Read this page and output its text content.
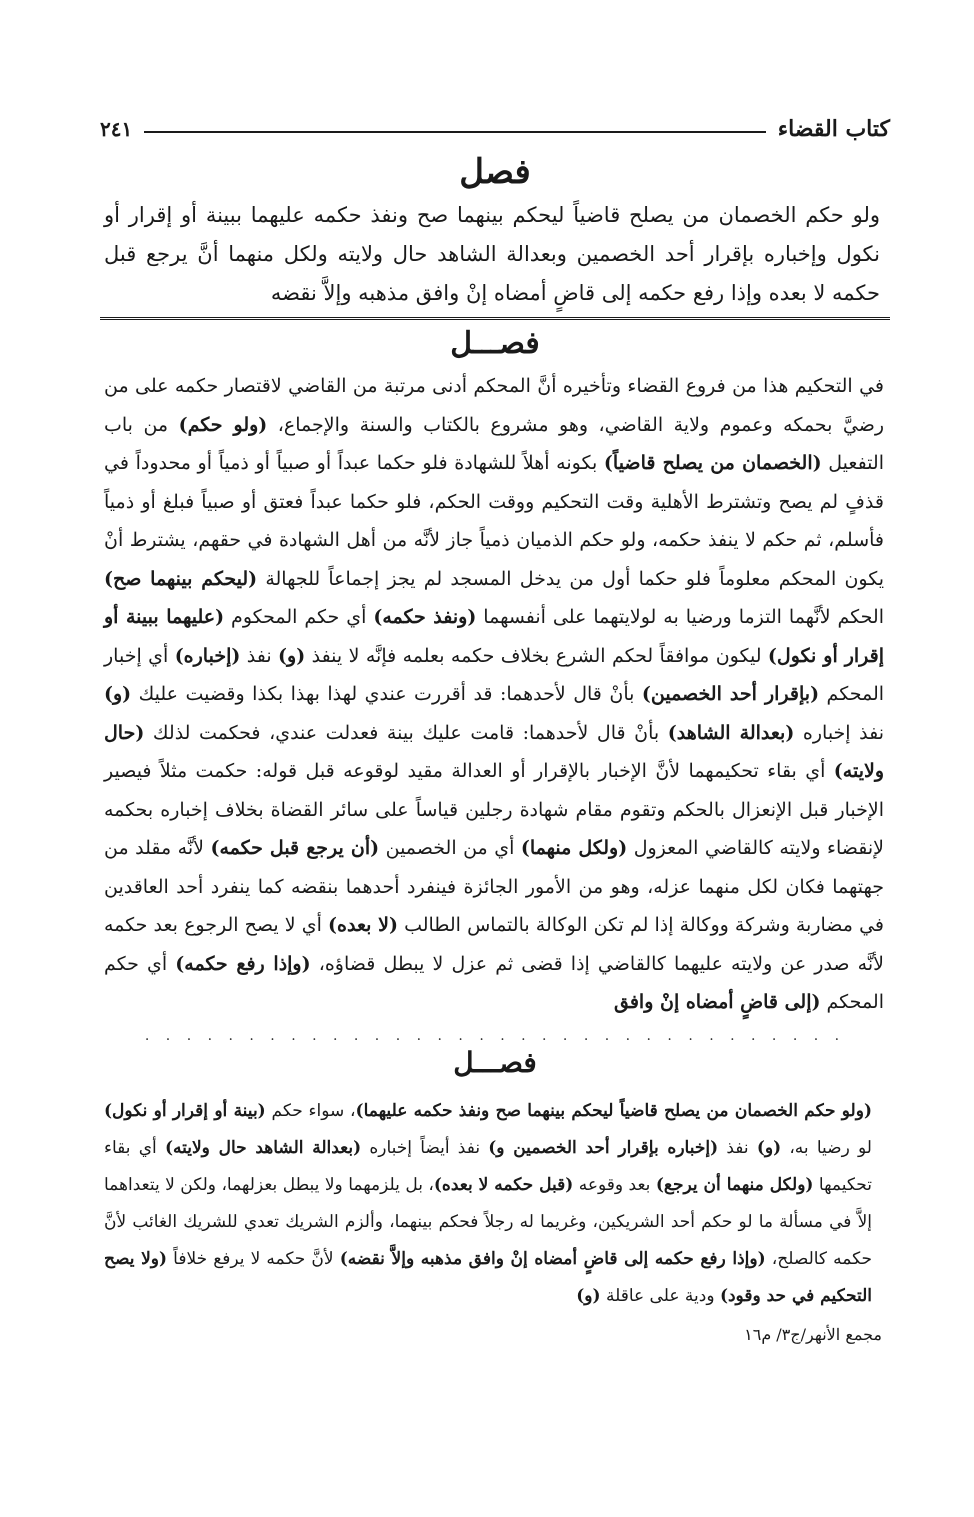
كتاب القضاء
٢٤١
فصل

ولو حكم الخصمان من يصلح قاضياً ليحكم بينهما صح ونفذ حكمه عليهما ببينة أو إقرار أو نكول وإخباره بإقرار أحد الخصمين وبعدالة الشاهد حال ولايته ولكل منهما أنَّ يرجع قبل حكمه لا بعده وإذا رفع حكمه إلى قاضٍ أمضاه إنْ وافق مذهبه وإلاَّ نقضه

فصـــل

في التحكيم هذا من فروع القضاء وتأخيره أنَّ المحكم أدنى مرتبة من القاضي لاقتصار حكمه على من رضيَّ بحمكه وعموم ولاية القاضي، وهو مشروع بالكتاب والسنة والإجماع، (ولو حكم) من باب التفعيل (الخصمان من يصلح قاضياً) بكونه أهلاً للشهادة فلو حكما عبداً أو صبياً أو ذمياً أو محدوداً في قذفٍ لم يصح وتشترط الأهلية وقت التحكيم ووقت الحكم، فلو حكما عبداً فعتق أو صبياً فبلغ أو ذمياً فأسلم، ثم حكم لا ينفذ حكمه، ولو حكم الذميان ذمياً جاز لأنَّه من أهل الشهادة في حقهم، يشترط أنْ يكون المحكم معلوماً فلو حكما أول من يدخل المسجد لم يجز إجماعاً للجهالة (ليحكم بينهما صح) الحكم لأنَّهما التزما ورضيا به لولايتهما على أنفسهما (ونفذ حكمه) أي حكم المحكوم (عليهما ببينة أو إقرار أو نكول) ليكون موافقاً لحكم الشرع بخلاف حكمه بعلمه فإنَّه لا ينفذ (و) نفذ (إخباره) أي إخبار المحكم (بإقرار أحد الخصمين) بأنْ قال لأحدهما: قد أقررت عندي لهذا بهذا بكذا وقضيت عليك (و) نفذ إخباره (بعدالة الشاهد) بأنْ قال لأحدهما: قامت عليك بينة فعدلت عندي، فحكمت لذلك (حال ولايته) أي بقاء تحكيمهما لأنَّ الإخبار بالإقرار أو العدالة مقيد لوقوعه قبل قوله: حكمت مثلاً فيصير الإخبار قبل الإنعزال بالحكم وتقوم مقام شهادة رجلين قياساً على سائر القضاة بخلاف إخباره بحكمه لإنقضاء ولايته كالقاضي المعزول (ولكل منهما) أي من الخصمين (أن يرجع قبل حكمه) لأنَّه مقلد من جهتهما فكان لكل منهما عزله، وهو من الأمور الجائزة فينفرد أحدهما بنقضه كما ينفرد أحد العاقدين في مضاربة وشركة ووكالة إذا لم تكن الوكالة بالتماس الطالب (لا بعده) أي لا يصح الرجوع بعد حكمه لأنَّه صدر عن ولايته عليهما كالقاضي إذا قضى ثم عزل لا يبطل قضاؤه، (وإذا رفع حكمه) أي حكم المحكم (إلى قاضٍ أمضاه إنْ وافق

. . . . . . . . . . . . . . . . . . . . . . . . . . . . . . . . . .
فصـــل

(ولو حكم الخصمان من يصلح قاضياً ليحكم بينهما صح ونفذ حكمه عليهما)، سواء حكم (بينة أو إقرار أو نكول) لو رضيا به، (و) نفذ (إخباره بإقرار أحد الخصمين و) نفذ أيضاً إخباره (بعدالة الشاهد حال ولايته) أي بقاء تحكيمها (ولكل منهما أن يرجع) بعد وقوعه (قبل حكمه لا بعده)، بل يلزمهما ولا يبطل بعزلهما، ولكن لا يتعداهما إلاَّ في مسألة ما لو حكم أحد الشريكين، وغريما له رجلاً فحكم بينهما، وألزم الشريك تعدي للشريك الغائب لأنَّ حكمه كالصلح، (وإذا رفع حكمه إلى قاضٍ أمضاه إنْ وافق مذهبه وإلاَّ نقضه) لأنَّ حكمه لا يرفع خلافاً (ولا يصح التحكيم في حد وقود) ودية على عاقلة (و)

مجمع الأنهر/ج٣/ م١٦
